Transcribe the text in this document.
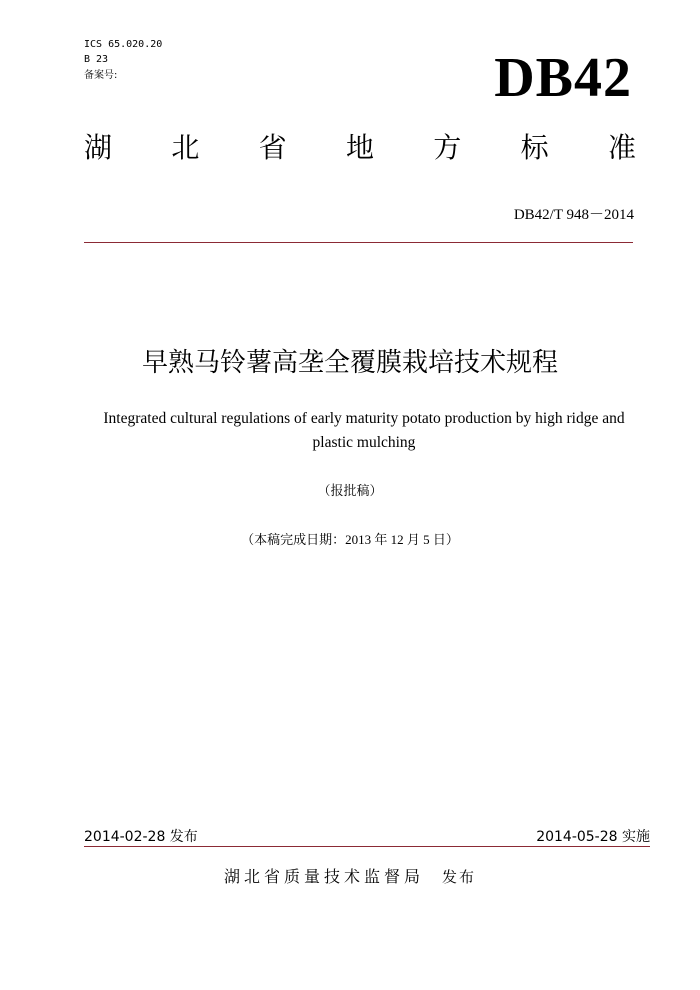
ICS 65.020.20
B 23
备案号:	DB42
湖 北 省 地 方 标 准
DB42/T 948－2014
早熟马铃薯高垄全覆膜栽培技术规程
Integrated cultural regulations of early maturity potato production by high ridge and plastic mulching
（报批稿）
（本稿完成日期：2013 年 12 月 5 日）
2014-02-28 发布	2014-05-28 实施
湖北省质量技术监督局 发布
